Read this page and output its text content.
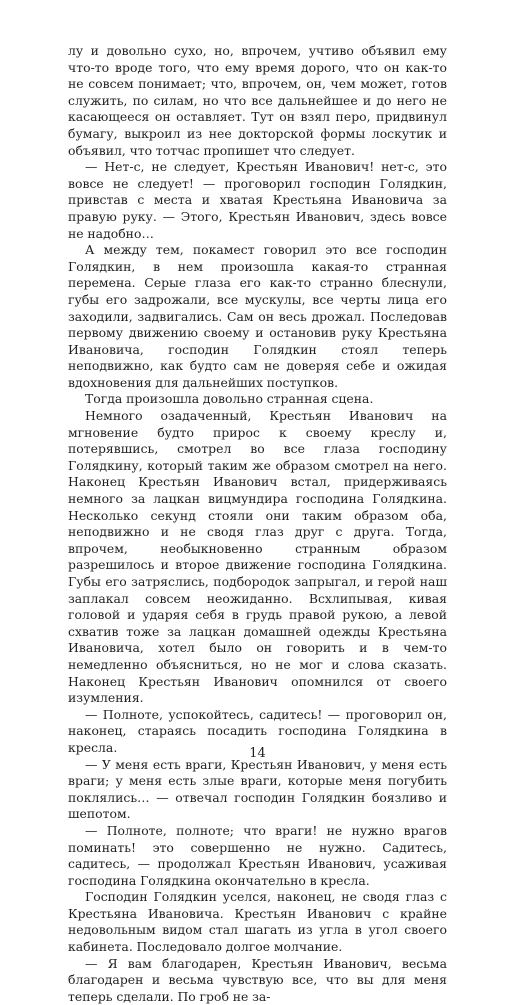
лу и довольно сухо, но, впрочем, учтиво объявил ему что-то вроде того, что ему время дорого, что он как-то не совсем понимает; что, впрочем, он, чем может, готов служить, по силам, но что все дальнейшее и до него не касающееся он оставляет. Тут он взял перо, придвинул бумагу, выкроил из нее докторской формы лоскутик и объявил, что тотчас пропишет что следует.

— Нет-с, не следует, Крестьян Иванович! нет-с, это вовсе не следует! — проговорил господин Голядкин, привстав с места и хватая Крестьяна Ивановича за правую руку. — Этого, Крестьян Иванович, здесь вовсе не надобно…

А между тем, покамест говорил это все господин Голядкин, в нем произошла какая-то странная перемена. Серые глаза его как-то странно блеснули, губы его задрожали, все мускулы, все черты лица его заходили, задвигались. Сам он весь дрожал. Последовав первому движению своему и остановив руку Крестьяна Ивановича, господин Голядкин стоял теперь неподвижно, как будто сам не доверяя себе и ожидая вдохновения для дальнейших поступков.

Тогда произошла довольно странная сцена.

Немного озадаченный, Крестьян Иванович на мгновение будто прирос к своему креслу и, потерявшись, смотрел во все глаза господину Голядкину, который таким же образом смотрел на него. Наконец Крестьян Иванович встал, придерживаясь немного за лацкан вицмундира господина Голядкина. Несколько секунд стояли они таким образом оба, неподвижно и не сводя глаз друг с друга. Тогда, впрочем, необыкновенно странным образом разрешилось и второе движение господина Голядкина. Губы его затряслись, подбородок запрыгал, и герой наш заплакал совсем неожиданно. Всхлипывая, кивая головой и ударяя себя в грудь правой рукою, а левой схватив тоже за лацкан домашней одежды Крестьяна Ивановича, хотел было он говорить и в чем-то немедленно объясниться, но не мог и слова сказать. Наконец Крестьян Иванович опомнился от своего изумления.

— Полноте, успокойтесь, садитесь! — проговорил он, наконец, стараясь посадить господина Голядкина в кресла.

— У меня есть враги, Крестьян Иванович, у меня есть враги; у меня есть злые враги, которые меня погубить поклялись… — отвечал господин Голядкин боязливо и шепотом.

— Полноте, полноте; что враги! не нужно врагов поминать! это совершенно не нужно. Садитесь, садитесь, — продолжал Крестьян Иванович, усаживая господина Голядкина окончательно в кресла.

Господин Голядкин уселся, наконец, не сводя глаз с Крестьяна Ивановича. Крестьян Иванович с крайне недовольным видом стал шагать из угла в угол своего кабинета. Последовало долгое молчание.

— Я вам благодарен, Крестьян Иванович, весьма благодарен и весьма чувствую все, что вы для меня теперь сделали. По гроб не за-

14
